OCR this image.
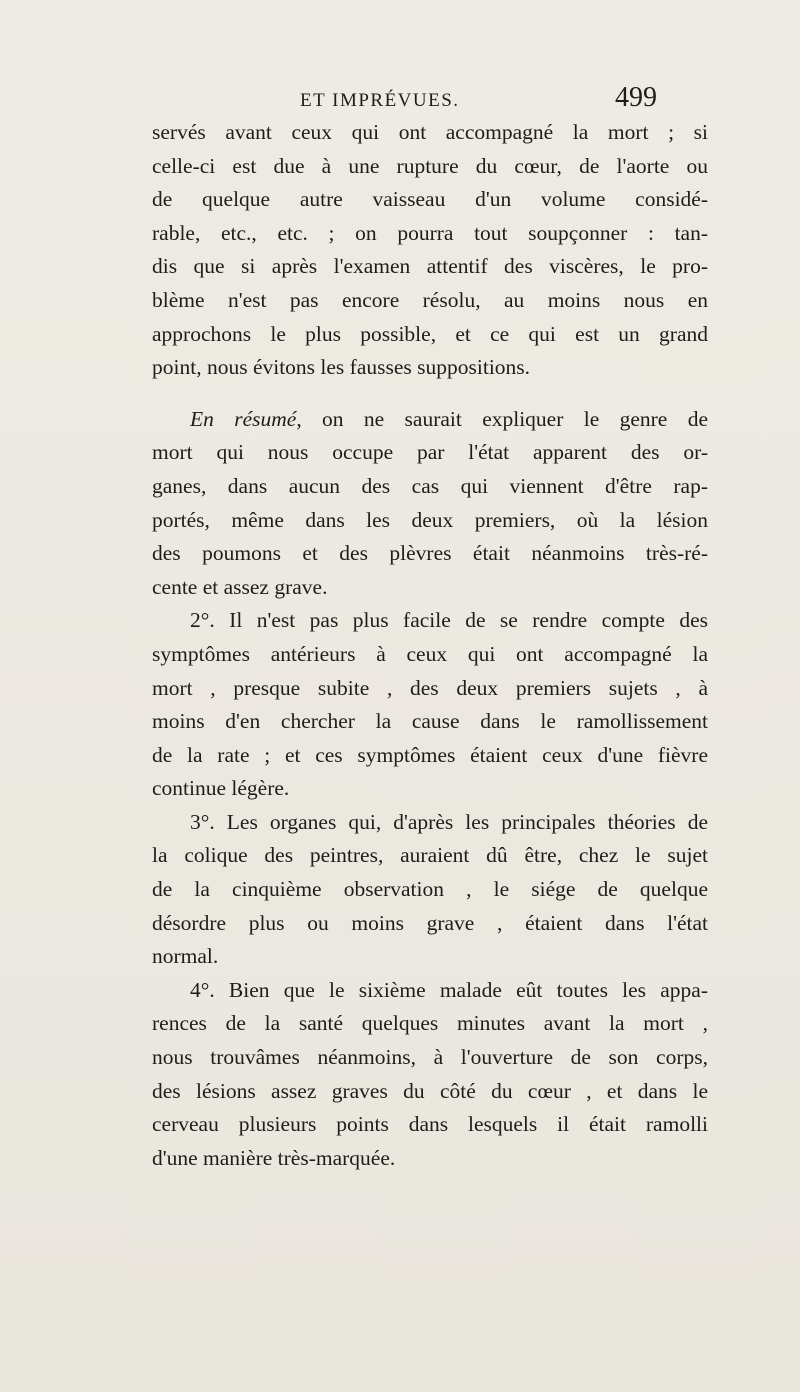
ET IMPRÉVUES.	499
servés avant ceux qui ont accompagné la mort ; si
celle-ci est due à une rupture du cœur, de l'aorte ou
de quelque autre vaisseau d'un volume considé-
rable, etc., etc. ; on pourra tout soupçonner : tan-
dis que si après l'examen attentif des viscères, le pro-
blème n'est pas encore résolu, au moins nous en
approchons le plus possible, et ce qui est un grand
point, nous évitons les fausses suppositions.
En résumé, on ne saurait expliquer le genre de
mort qui nous occupe par l'état apparent des or-
ganes, dans aucun des cas qui viennent d'être rap-
portés, même dans les deux premiers, où la lésion
des poumons et des plèvres était néanmoins très-ré-
cente et assez grave.
2°. Il n'est pas plus facile de se rendre compte des
symptômes antérieurs à ceux qui ont accompagné la
mort , presque subite , des deux premiers sujets , à
moins d'en chercher la cause dans le ramollissement
de la rate ; et ces symptômes étaient ceux d'une fièvre
continue légère.
3°. Les organes qui, d'après les principales théories de
la colique des peintres, auraient dû être, chez le sujet
de la cinquième observation , le siége de quelque
désordre plus ou moins grave , étaient dans l'état
normal.
4°. Bien que le sixième malade eût toutes les appa-
rences de la santé quelques minutes avant la mort ,
nous trouvâmes néanmoins, à l'ouverture de son corps,
des lésions assez graves du côté du cœur , et dans le
cerveau plusieurs points dans lesquels il était ramolli
d'une manière très-marquée.
